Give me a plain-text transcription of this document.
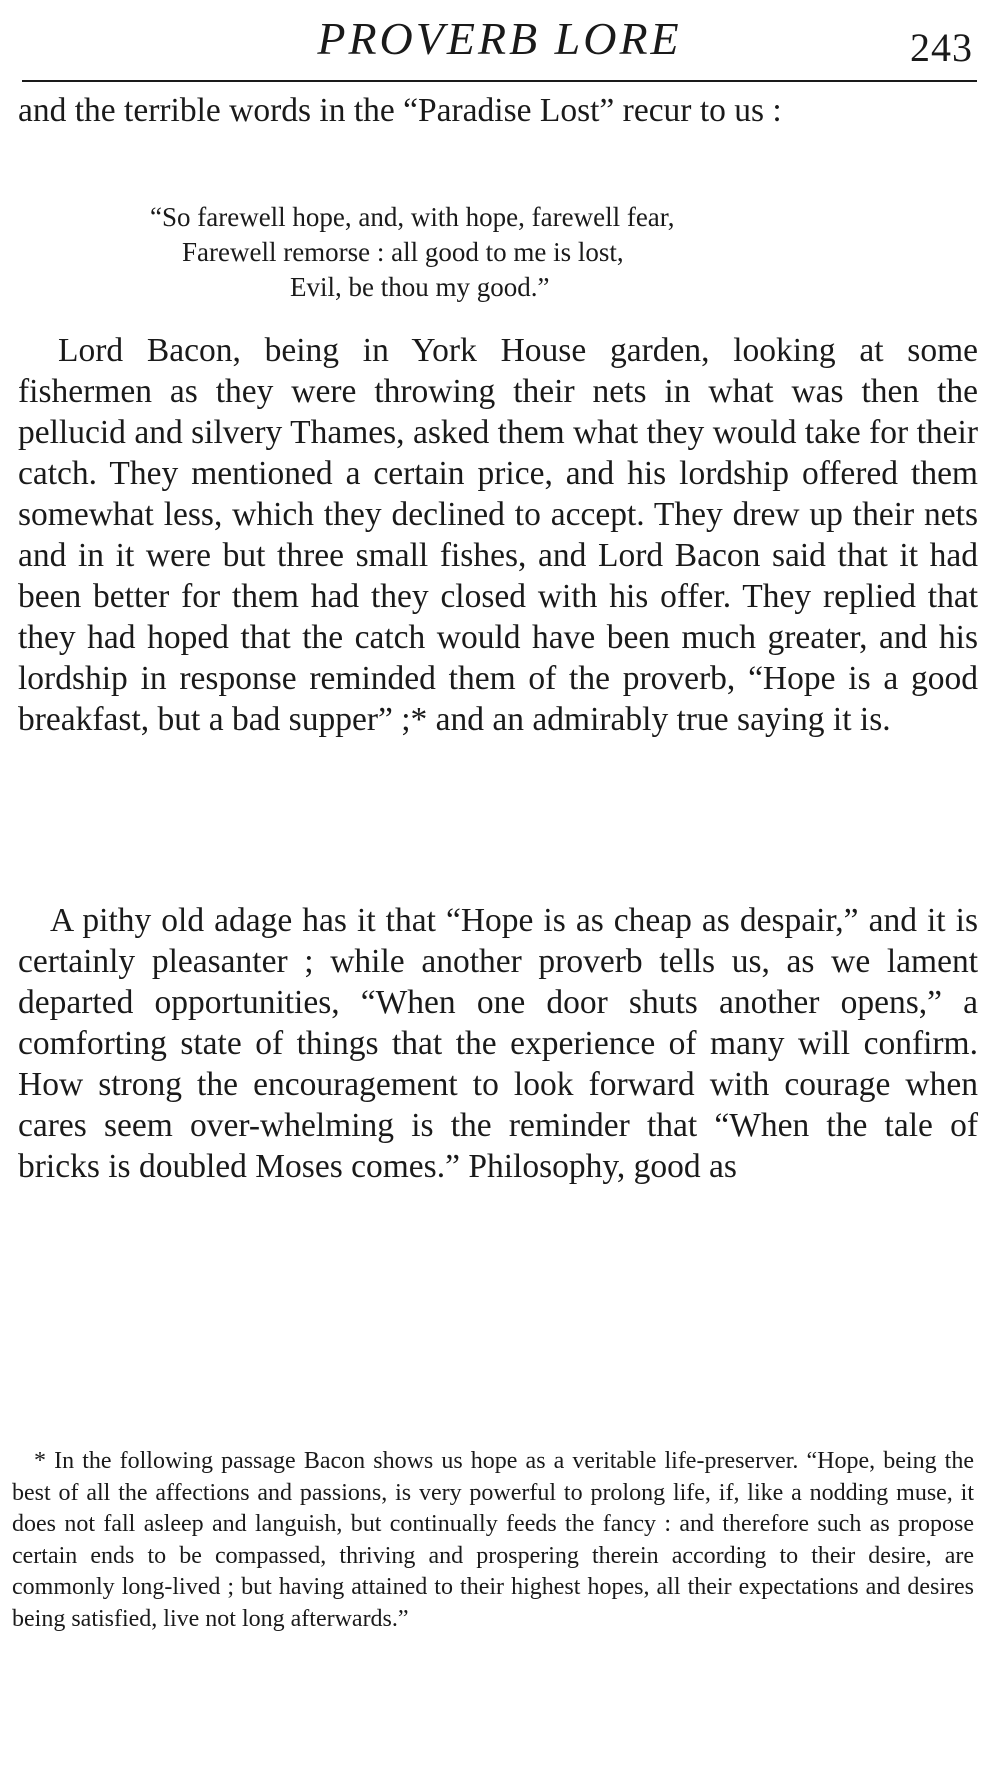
PROVERB LORE	243

and the terrible words in the “Paradise Lost” recur to us :

“So farewell hope, and, with hope, farewell fear,
Farewell remorse : all good to me is lost,
Evil, be thou my good.”

Lord Bacon, being in York House garden, looking at some fishermen as they were throwing their nets in what was then the pellucid and silvery Thames, asked them what they would take for their catch. They mentioned a certain price, and his lordship offered them somewhat less, which they declined to accept. They drew up their nets and in it were but three small fishes, and Lord Bacon said that it had been better for them had they closed with his offer. They replied that they had hoped that the catch would have been much greater, and his lordship in response reminded them of the proverb, “Hope is a good breakfast, but a bad supper” ;* and an admirably true saying it is.

A pithy old adage has it that “Hope is as cheap as despair,” and it is certainly pleasanter ; while another proverb tells us, as we lament departed opportunities, “When one door shuts another opens,” a comforting state of things that the experience of many will confirm. How strong the encouragement to look forward with courage when cares seem over-whelming is the reminder that “When the tale of bricks is doubled Moses comes.” Philosophy, good as

* In the following passage Bacon shows us hope as a veritable life-preserver. “Hope, being the best of all the affections and passions, is very powerful to prolong life, if, like a nodding muse, it does not fall asleep and languish, but continually feeds the fancy : and therefore such as propose certain ends to be compassed, thriving and prospering therein according to their desire, are commonly long-lived ; but having attained to their highest hopes, all their expectations and desires being satisfied, live not long afterwards.”
